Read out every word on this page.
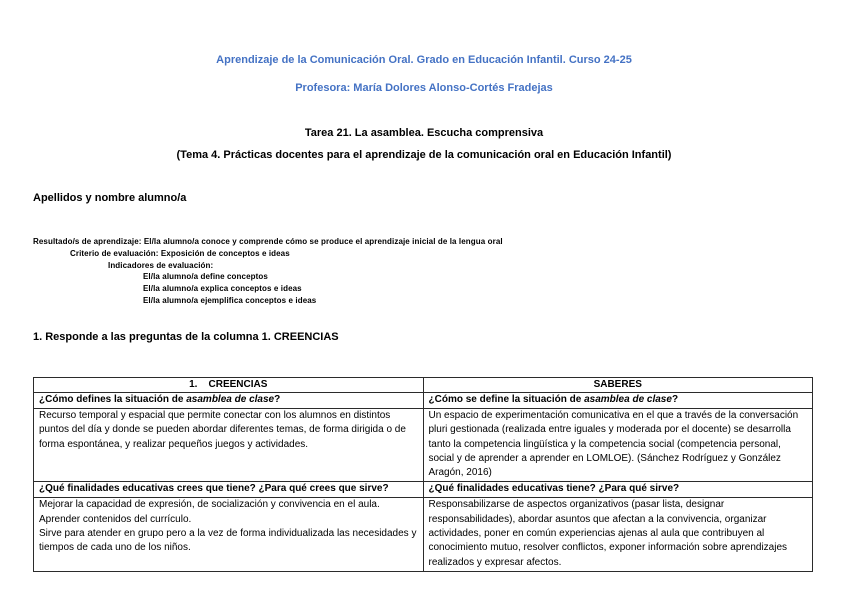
Aprendizaje de la Comunicación Oral. Grado en Educación Infantil. Curso 24-25
Profesora: María Dolores Alonso-Cortés Fradejas
Tarea 21. La asamblea. Escucha comprensiva
(Tema 4. Prácticas docentes para el aprendizaje de la comunicación oral en Educación Infantil)
Apellidos y nombre alumno/a
Resultado/s de aprendizaje: El/la alumno/a conoce y comprende cómo se produce el aprendizaje inicial de la lengua oral
Criterio de evaluación: Exposición de conceptos e ideas
Indicadores de evaluación:
El/la alumno/a define conceptos
El/la alumno/a explica conceptos e ideas
El/la alumno/a ejemplifica conceptos e ideas
1. Responde a las preguntas de la columna 1. CREENCIAS
1.    CREENCIAS	SABERES
¿Cómo defines la situación de asamblea de clase?	¿Cómo se define la situación de asamblea de clase?
Recurso temporal y espacial que permite conectar con los alumnos en distintos puntos del día y donde se pueden abordar diferentes temas, de forma dirigida o de forma espontánea, y realizar pequeños juegos y actividades.	Un espacio de experimentación comunicativa en el que a través de la conversación pluri gestionada (realizada entre iguales y moderada por el docente) se desarrolla tanto la competencia lingüística y la competencia social (competencia personal, social y de aprender a aprender en LOMLOE). (Sánchez Rodríguez y González Aragón, 2016)
¿Qué finalidades educativas crees que tiene? ¿Para qué crees que sirve?	¿Qué finalidades educativas tiene? ¿Para qué sirve?

Mejorar la capacidad de expresión, de socialización y convivencia en el aula.
Aprender contenidos del currículo.
Sirve para atender en grupo pero a la vez de forma individualizada las necesidades y tiempos de cada uno de los niños.
	Responsabilizarse de aspectos organizativos (pasar lista, designar responsabilidades), abordar asuntos que afectan a la convivencia, organizar actividades, poner en común experiencias ajenas al aula que contribuyen al conocimiento mutuo, resolver conflictos, exponer información sobre aprendizajes realizados y expresar afectos.
